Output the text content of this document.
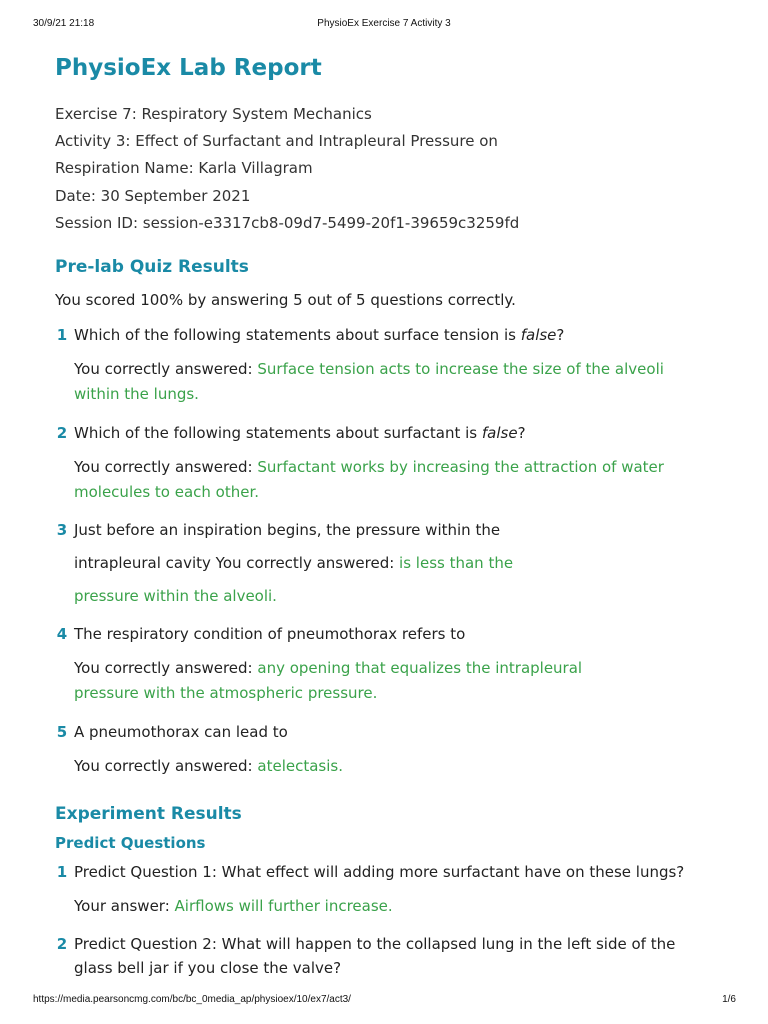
30/9/21 21:18	PhysioEx Exercise 7 Activity 3
PhysioEx Lab Report
Exercise 7: Respiratory System Mechanics
Activity 3: Effect of Surfactant and Intrapleural Pressure on
Respiration Name: Karla Villagram
Date: 30 September 2021
Session ID: session-e3317cb8-09d7-5499-20f1-39659c3259fd
Pre-lab Quiz Results
You scored 100% by answering 5 out of 5 questions correctly.
1 Which of the following statements about surface tension is false?
You correctly answered: Surface tension acts to increase the size of the alveoli
within the lungs.
2 Which of the following statements about surfactant is false?
You correctly answered: Surfactant works by increasing the attraction of water
molecules to each other.
3 Just before an inspiration begins, the pressure within the
intrapleural cavity You correctly answered: is less than the
pressure within the alveoli.
4 The respiratory condition of pneumothorax refers to
You correctly answered: any opening that equalizes the intrapleural
pressure with the atmospheric pressure.
5 A pneumothorax can lead to
You correctly answered: atelectasis.
Experiment Results
Predict Questions
1 Predict Question 1: What effect will adding more surfactant have on these lungs?
Your answer: Airflows will further increase.
2 Predict Question 2: What will happen to the collapsed lung in the left side of the
glass bell jar if you close the valve?
https://media.pearsoncmg.com/bc/bc_0media_ap/physioex/10/ex7/act3/	1/6
